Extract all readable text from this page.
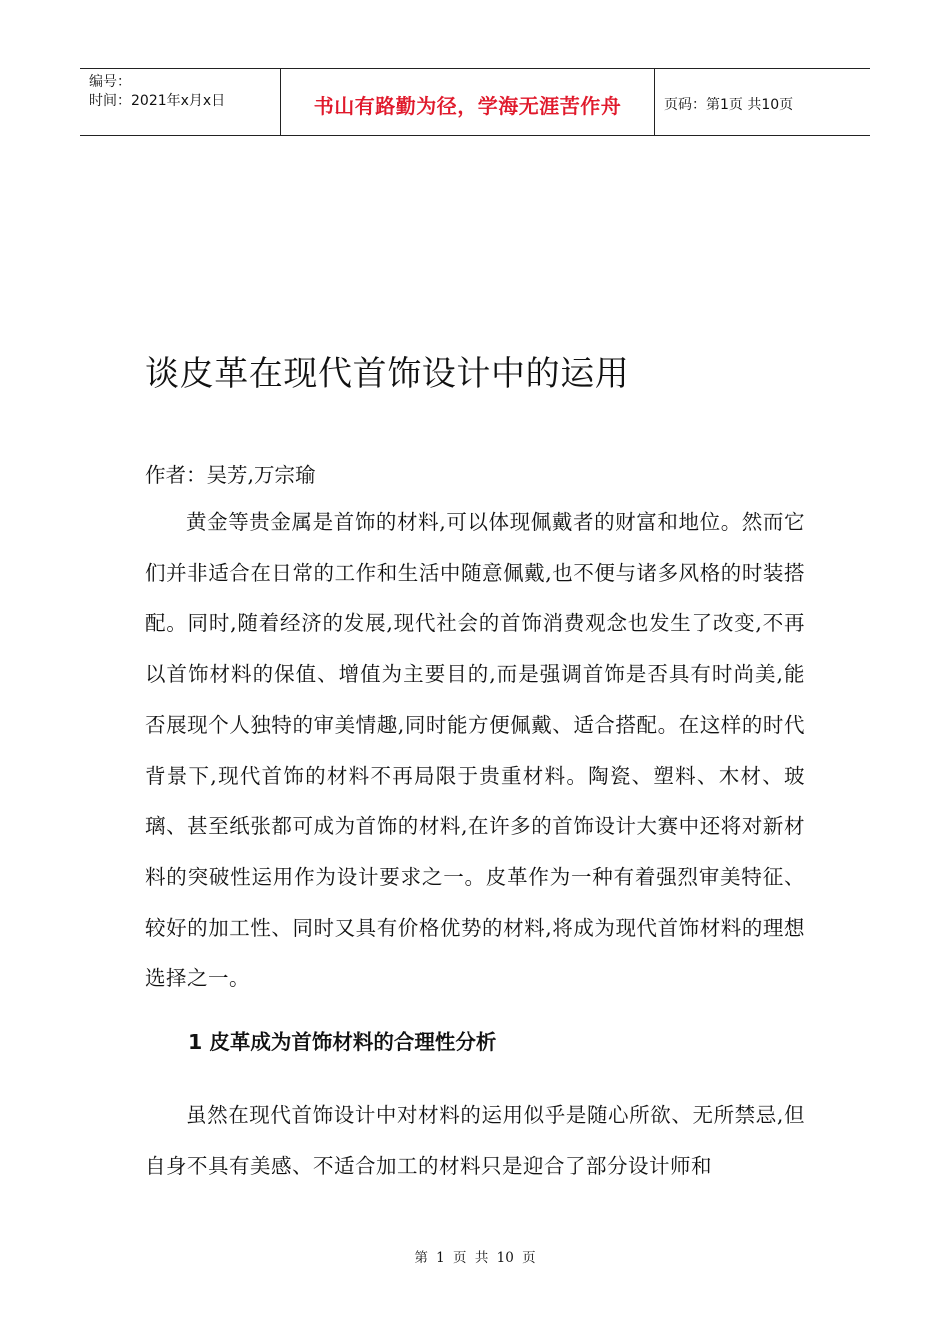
编号：
时间：2021年x月x日	书山有路勤为径，学海无涯苦作舟	页码：第1页 共10页
谈皮革在现代首饰设计中的运用

作者：吴芳,万宗瑜

黄金等贵金属是首饰的材料,可以体现佩戴者的财富和地位。然而它们并非适合在日常的工作和生活中随意佩戴,也不便与诸多风格的时装搭配。同时,随着经济的发展,现代社会的首饰消费观念也发生了改变,不再以首饰材料的保值、增值为主要目的,而是强调首饰是否具有时尚美,能否展现个人独特的审美情趣,同时能方便佩戴、适合搭配。在这样的时代背景下,现代首饰的材料不再局限于贵重材料。陶瓷、塑料、木材、玻璃、甚至纸张都可成为首饰的材料,在许多的首饰设计大赛中还将对新材料的突破性运用作为设计要求之一。皮革作为一种有着强烈审美特征、较好的加工性、同时又具有价格优势的材料,将成为现代首饰材料的理想选择之一。

1 皮革成为首饰材料的合理性分析

虽然在现代首饰设计中对材料的运用似乎是随心所欲、无所禁忌,但自身不具有美感、不适合加工的材料只是迎合了部分设计师和

第 1 页 共 10 页
